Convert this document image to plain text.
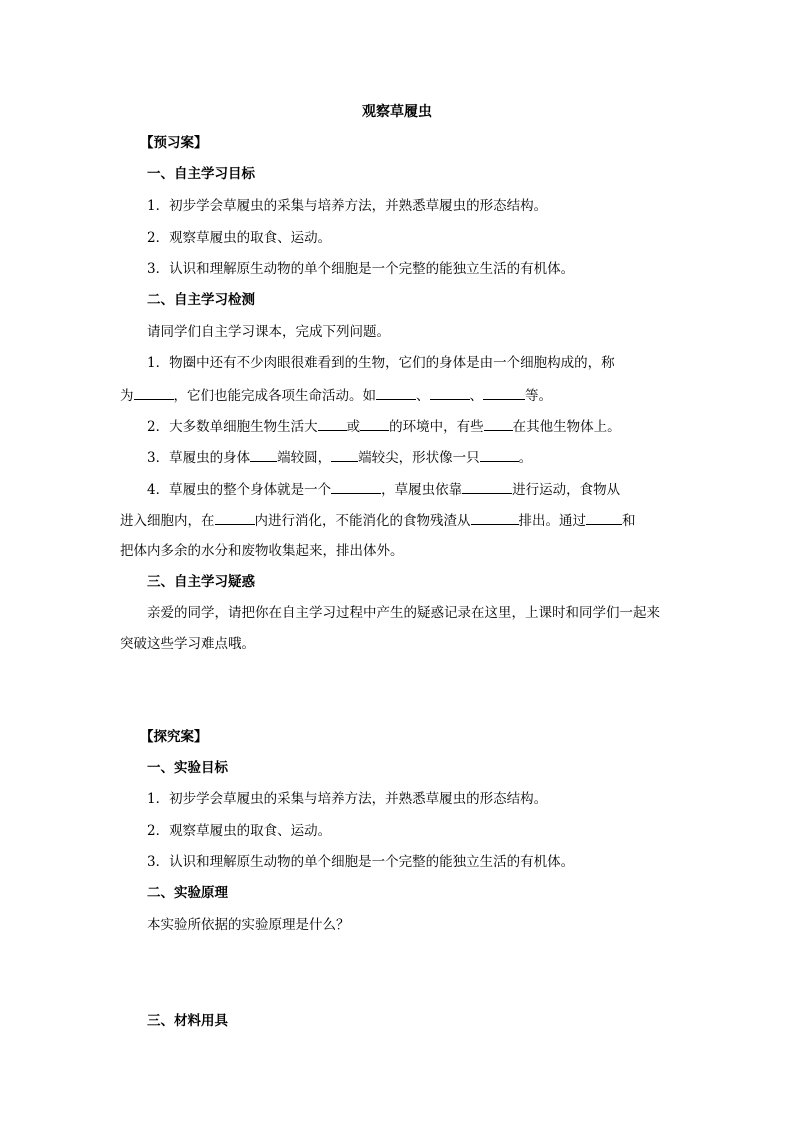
观察草履虫
【预习案】
一、自主学习目标
1．初步学会草履虫的采集与培养方法，并熟悉草履虫的形态结构。
2．观察草履虫的取食、运动。
3．认识和理解原生动物的单个细胞是一个完整的能独立生活的有机体。
二、自主学习检测
请同学们自主学习课本，完成下列问题。
1．物圈中还有不少肉眼很难看到的生物，它们的身体是由一个细胞构成的，称
为	，它们也能完成各项生命活动。如	、	、	等。
2．大多数单细胞生物生活大 或 的环境中，有些 在其他生物体上。
3．草履虫的身体 端较圆， 端较尖，形状像一只	。
4．草履虫的整个身体就是一个	，草履虫依靠	进行运动，食物从
进入细胞内，在	内进行消化，不能消化的食物残渣从	排出。通过	和
把体内多余的水分和废物收集起来，排出体外。
三、自主学习疑惑
亲爱的同学，请把你在自主学习过程中产生的疑惑记录在这里，上课时和同学们一起来
突破这些学习难点哦。
【探究案】
一、实验目标
1．初步学会草履虫的采集与培养方法，并熟悉草履虫的形态结构。
2．观察草履虫的取食、运动。
3．认识和理解原生动物的单个细胞是一个完整的能独立生活的有机体。
二、实验原理
本实验所依据的实验原理是什么？
三、材料用具
